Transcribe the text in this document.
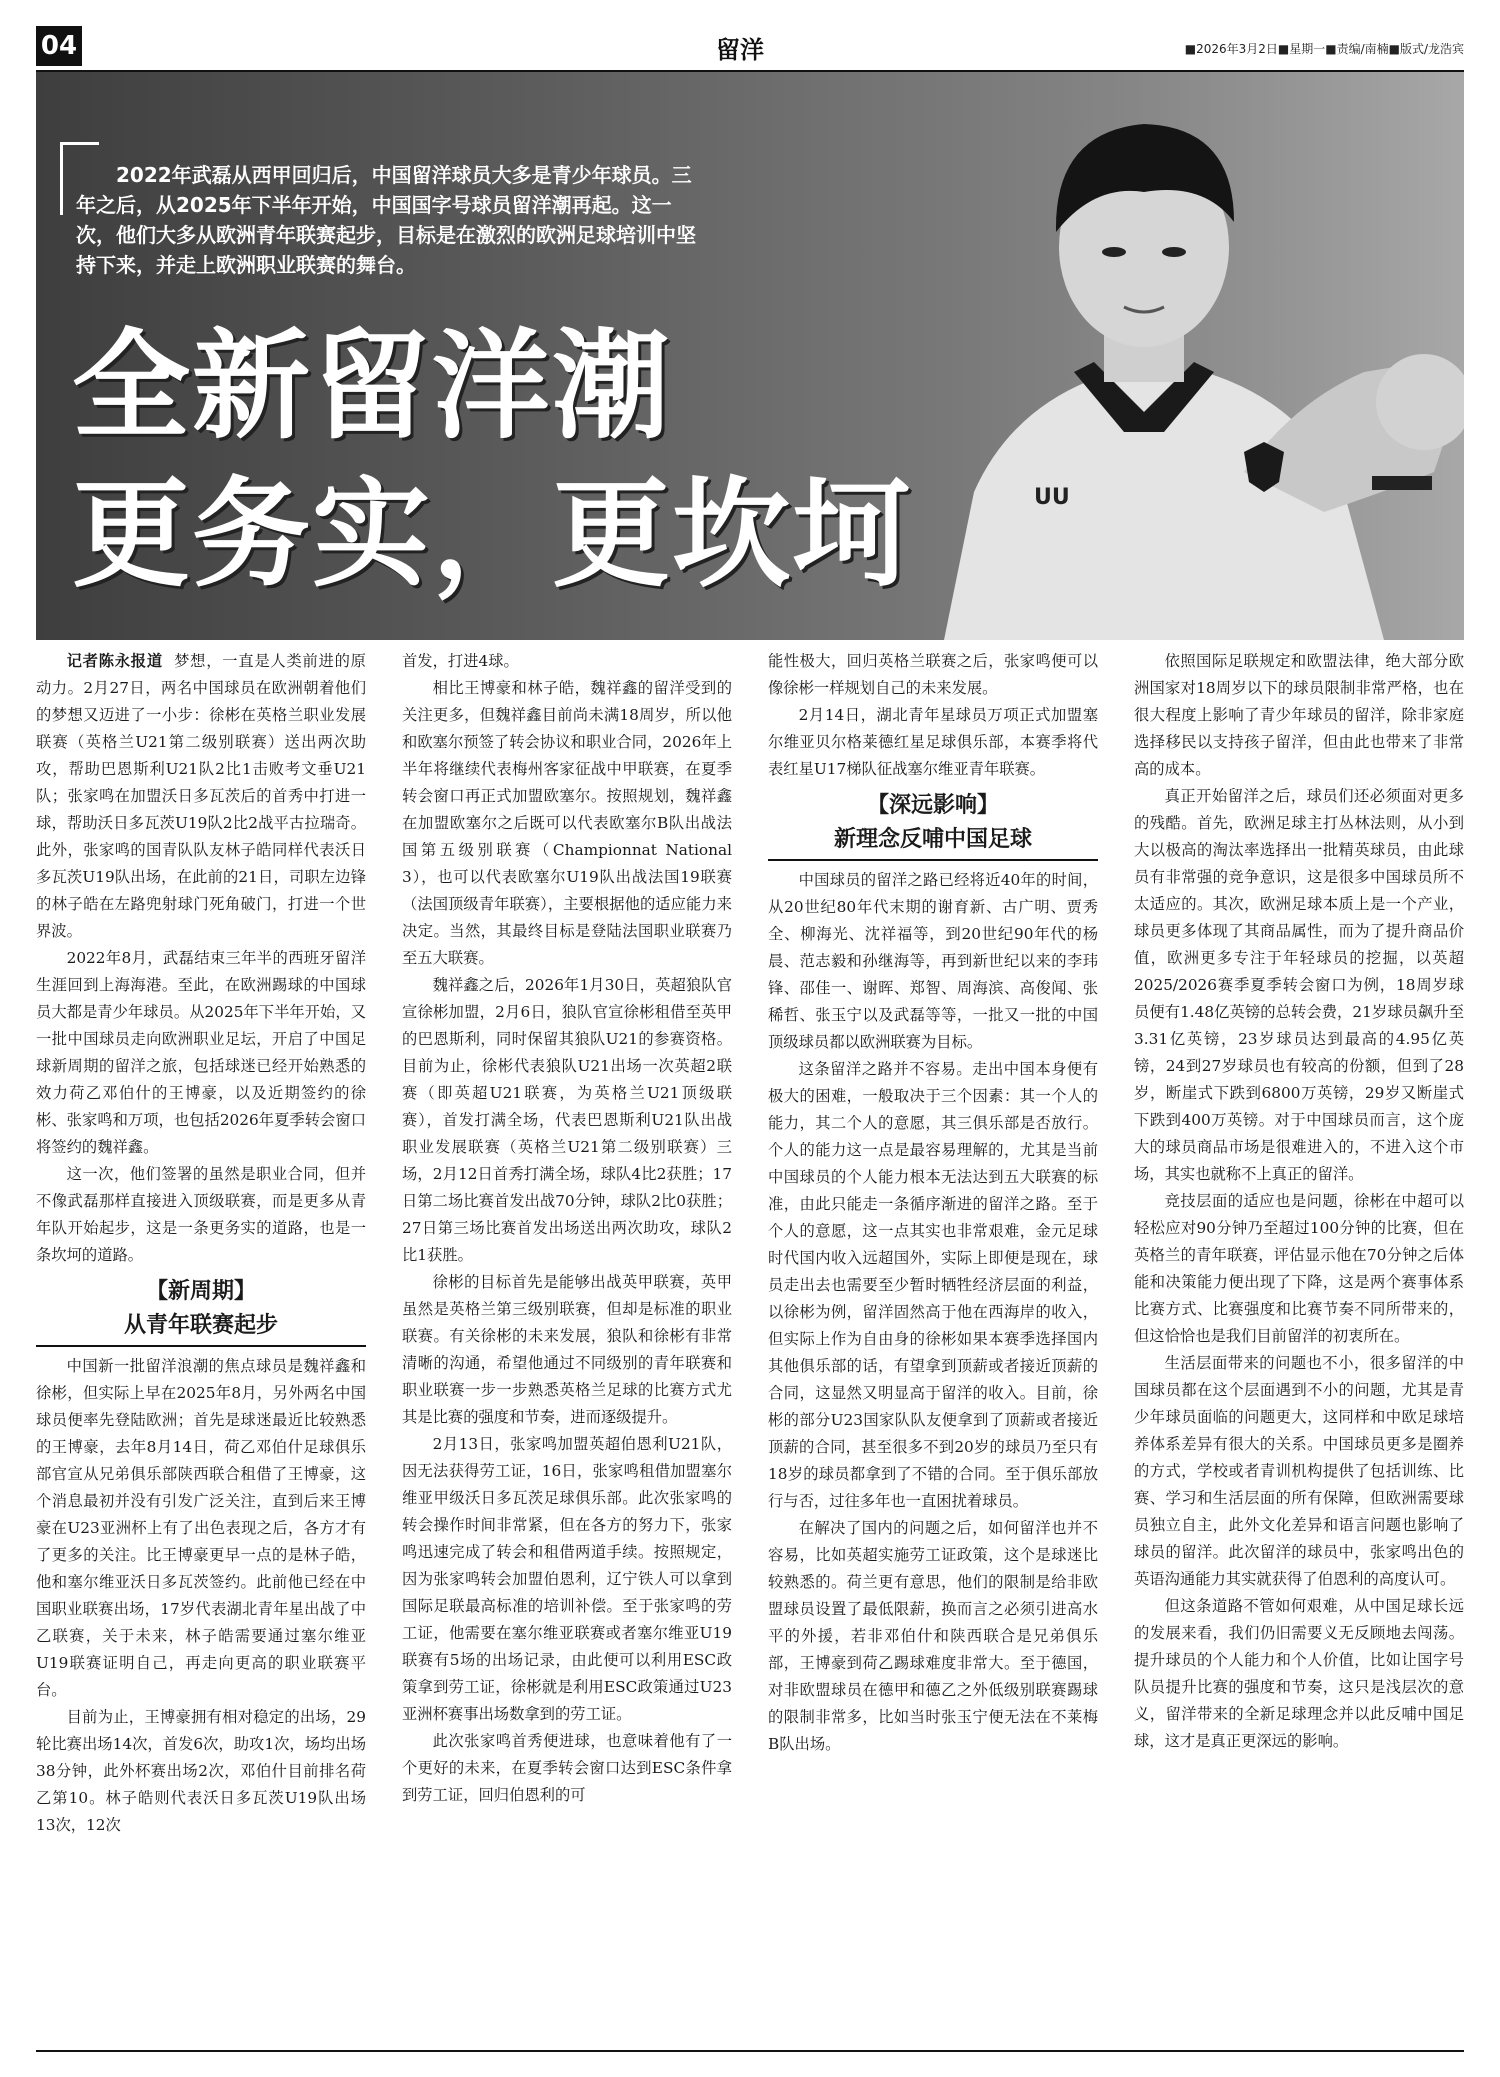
04	留洋	■2026年3月2日■星期一■责编/南楠■版式/龙浩宾
UU
2022年武磊从西甲回归后，中国留洋球员大多是青少年球员。三年之后，从2025年下半年开始，中国国字号球员留洋潮再起。这一次，他们大多从欧洲青年联赛起步，目标是在激烈的欧洲足球培训中坚持下来，并走上欧洲职业联赛的舞台。
全新留洋潮
更务实，更坎坷

记者陈永报道 梦想，一直是人类前进的原动力。2月27日，两名中国球员在欧洲朝着他们的梦想又迈进了一小步：徐彬在英格兰职业发展联赛（英格兰U21第二级别联赛）送出两次助攻，帮助巴恩斯利U21队2比1击败考文垂U21队；张家鸣在加盟沃日多瓦茨后的首秀中打进一球，帮助沃日多瓦茨U19队2比2战平古拉瑞奇。此外，张家鸣的国青队队友林子皓同样代表沃日多瓦茨U19队出场，在此前的21日，司职左边锋的林子皓在左路兜射球门死角破门，打进一个世界波。

2022年8月，武磊结束三年半的西班牙留洋生涯回到上海海港。至此，在欧洲踢球的中国球员大都是青少年球员。从2025年下半年开始，又一批中国球员走向欧洲职业足坛，开启了中国足球新周期的留洋之旅，包括球迷已经开始熟悉的效力荷乙邓伯什的王博豪，以及近期签约的徐彬、张家鸣和万项，也包括2026年夏季转会窗口将签约的魏祥鑫。

这一次，他们签署的虽然是职业合同，但并不像武磊那样直接进入顶级联赛，而是更多从青年队开始起步，这是一条更务实的道路，也是一条坎坷的道路。

【新周期】
从青年联赛起步

中国新一批留洋浪潮的焦点球员是魏祥鑫和徐彬，但实际上早在2025年8月，另外两名中国球员便率先登陆欧洲；首先是球迷最近比较熟悉的王博豪，去年8月14日，荷乙邓伯什足球俱乐部官宣从兄弟俱乐部陕西联合租借了王博豪，这个消息最初并没有引发广泛关注，直到后来王博豪在U23亚洲杯上有了出色表现之后，各方才有了更多的关注。比王博豪更早一点的是林子皓，他和塞尔维亚沃日多瓦茨签约。此前他已经在中国职业联赛出场，17岁代表湖北青年星出战了中乙联赛，关于未来，林子皓需要通过塞尔维亚U19联赛证明自己，再走向更高的职业联赛平台。

目前为止，王博豪拥有相对稳定的出场，29轮比赛出场14次，首发6次，助攻1次，场均出场38分钟，此外杯赛出场2次，邓伯什目前排名荷乙第10。林子皓则代表沃日多瓦茨U19队出场13次，12次

首发，打进4球。

相比王博豪和林子皓，魏祥鑫的留洋受到的关注更多，但魏祥鑫目前尚未满18周岁，所以他和欧塞尔预签了转会协议和职业合同，2026年上半年将继续代表梅州客家征战中甲联赛，在夏季转会窗口再正式加盟欧塞尔。按照规划，魏祥鑫在加盟欧塞尔之后既可以代表欧塞尔B队出战法国第五级别联赛（Championnat National 3），也可以代表欧塞尔U19队出战法国19联赛（法国顶级青年联赛），主要根据他的适应能力来决定。当然，其最终目标是登陆法国职业联赛乃至五大联赛。

魏祥鑫之后，2026年1月30日，英超狼队官宣徐彬加盟，2月6日，狼队官宣徐彬租借至英甲的巴恩斯利，同时保留其狼队U21的参赛资格。目前为止，徐彬代表狼队U21出场一次英超2联赛（即英超U21联赛，为英格兰U21顶级联赛），首发打满全场，代表巴恩斯利U21队出战职业发展联赛（英格兰U21第二级别联赛）三场，2月12日首秀打满全场，球队4比2获胜；17日第二场比赛首发出战70分钟，球队2比0获胜；27日第三场比赛首发出场送出两次助攻，球队2比1获胜。

徐彬的目标首先是能够出战英甲联赛，英甲虽然是英格兰第三级别联赛，但却是标准的职业联赛。有关徐彬的未来发展，狼队和徐彬有非常清晰的沟通，希望他通过不同级别的青年联赛和职业联赛一步一步熟悉英格兰足球的比赛方式尤其是比赛的强度和节奏，进而逐级提升。

2月13日，张家鸣加盟英超伯恩利U21队，因无法获得劳工证，16日，张家鸣租借加盟塞尔维亚甲级沃日多瓦茨足球俱乐部。此次张家鸣的转会操作时间非常紧，但在各方的努力下，张家鸣迅速完成了转会和租借两道手续。按照规定，因为张家鸣转会加盟伯恩利，辽宁铁人可以拿到国际足联最高标准的培训补偿。至于张家鸣的劳工证，他需要在塞尔维亚联赛或者塞尔维亚U19联赛有5场的出场记录，由此便可以利用ESC政策拿到劳工证，徐彬就是利用ESC政策通过U23亚洲杯赛事出场数拿到的劳工证。

此次张家鸣首秀便进球，也意味着他有了一个更好的未来，在夏季转会窗口达到ESC条件拿到劳工证，回归伯恩利的可

能性极大，回归英格兰联赛之后，张家鸣便可以像徐彬一样规划自己的未来发展。

2月14日，湖北青年星球员万项正式加盟塞尔维亚贝尔格莱德红星足球俱乐部，本赛季将代表红星U17梯队征战塞尔维亚青年联赛。

【深远影响】
新理念反哺中国足球

中国球员的留洋之路已经将近40年的时间，从20世纪80年代末期的谢育新、古广明、贾秀全、柳海光、沈祥福等，到20世纪90年代的杨晨、范志毅和孙继海等，再到新世纪以来的李玮锋、邵佳一、谢晖、郑智、周海滨、高俊闻、张稀哲、张玉宁以及武磊等等，一批又一批的中国顶级球员都以欧洲联赛为目标。

这条留洋之路并不容易。走出中国本身便有极大的困难，一般取决于三个因素：其一个人的能力，其二个人的意愿，其三俱乐部是否放行。个人的能力这一点是最容易理解的，尤其是当前中国球员的个人能力根本无法达到五大联赛的标准，由此只能走一条循序渐进的留洋之路。至于个人的意愿，这一点其实也非常艰难，金元足球时代国内收入远超国外，实际上即便是现在，球员走出去也需要至少暂时牺牲经济层面的利益，以徐彬为例，留洋固然高于他在西海岸的收入，但实际上作为自由身的徐彬如果本赛季选择国内其他俱乐部的话，有望拿到顶薪或者接近顶薪的合同，这显然又明显高于留洋的收入。目前，徐彬的部分U23国家队队友便拿到了顶薪或者接近顶薪的合同，甚至很多不到20岁的球员乃至只有18岁的球员都拿到了不错的合同。至于俱乐部放行与否，过往多年也一直困扰着球员。

在解决了国内的问题之后，如何留洋也并不容易，比如英超实施劳工证政策，这个是球迷比较熟悉的。荷兰更有意思，他们的限制是给非欧盟球员设置了最低限薪，换而言之必须引进高水平的外援，若非邓伯什和陕西联合是兄弟俱乐部，王博豪到荷乙踢球难度非常大。至于德国，对非欧盟球员在德甲和德乙之外低级别联赛踢球的限制非常多，比如当时张玉宁便无法在不莱梅B队出场。

依照国际足联规定和欧盟法律，绝大部分欧洲国家对18周岁以下的球员限制非常严格，也在很大程度上影响了青少年球员的留洋，除非家庭选择移民以支持孩子留洋，但由此也带来了非常高的成本。

真正开始留洋之后，球员们还必须面对更多的残酷。首先，欧洲足球主打丛林法则，从小到大以极高的淘汰率选择出一批精英球员，由此球员有非常强的竞争意识，这是很多中国球员所不太适应的。其次，欧洲足球本质上是一个产业，球员更多体现了其商品属性，而为了提升商品价值，欧洲更多专注于年轻球员的挖掘，以英超2025/2026赛季夏季转会窗口为例，18周岁球员便有1.48亿英镑的总转会费，21岁球员飙升至3.31亿英镑，23岁球员达到最高的4.95亿英镑，24到27岁球员也有较高的份额，但到了28岁，断崖式下跌到6800万英镑，29岁又断崖式下跌到400万英镑。对于中国球员而言，这个庞大的球员商品市场是很难进入的，不进入这个市场，其实也就称不上真正的留洋。

竞技层面的适应也是问题，徐彬在中超可以轻松应对90分钟乃至超过100分钟的比赛，但在英格兰的青年联赛，评估显示他在70分钟之后体能和决策能力便出现了下降，这是两个赛事体系比赛方式、比赛强度和比赛节奏不同所带来的，但这恰恰也是我们目前留洋的初衷所在。

生活层面带来的问题也不小，很多留洋的中国球员都在这个层面遇到不小的问题，尤其是青少年球员面临的问题更大，这同样和中欧足球培养体系差异有很大的关系。中国球员更多是圈养的方式，学校或者青训机构提供了包括训练、比赛、学习和生活层面的所有保障，但欧洲需要球员独立自主，此外文化差异和语言问题也影响了球员的留洋。此次留洋的球员中，张家鸣出色的英语沟通能力其实就获得了伯恩利的高度认可。

但这条道路不管如何艰难，从中国足球长远的发展来看，我们仍旧需要义无反顾地去闯荡。提升球员的个人能力和个人价值，比如让国字号队员提升比赛的强度和节奏，这只是浅层次的意义，留洋带来的全新足球理念并以此反哺中国足球，这才是真正更深远的影响。
